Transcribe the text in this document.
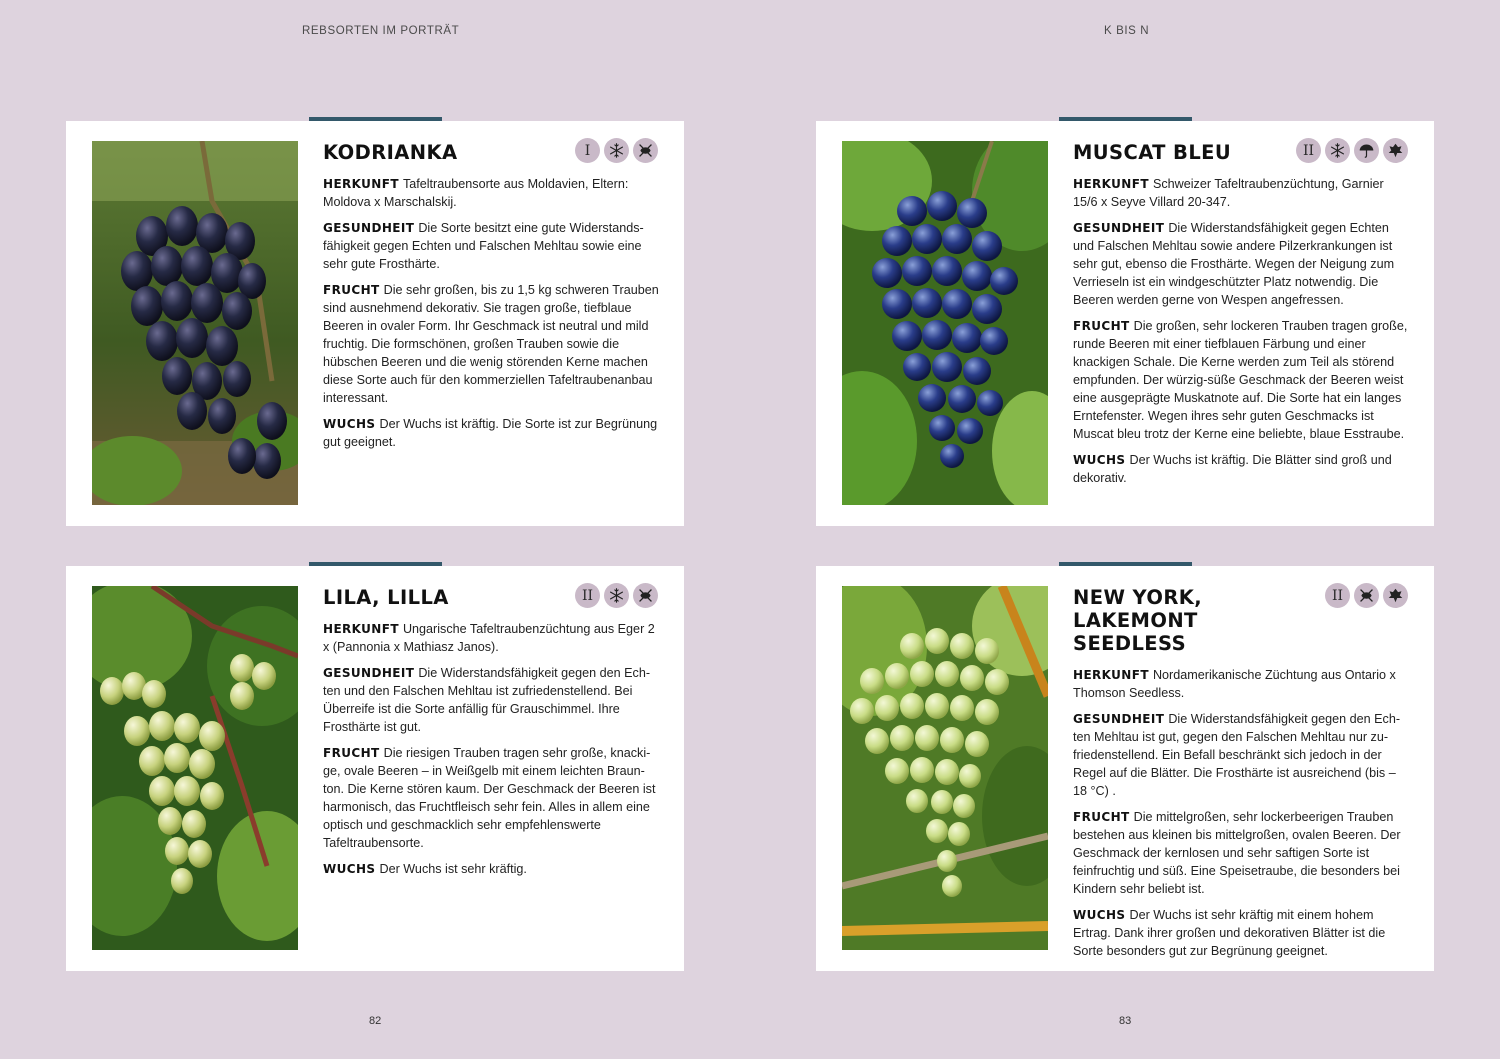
REBSORTEN IM PORTRÄT	K BIS N
I
KODRIANKA

HERKUNFT Tafeltraubensorte aus Moldavien, Eltern: Moldova x Marschalskij.

GESUNDHEIT Die Sorte besitzt eine gute Widerstandsfähigkeit gegen Echten und Falschen Mehltau sowie eine sehr gute Frosthärte.

FRUCHT Die sehr großen, bis zu 1,5 kg schweren Trauben sind ausnehmend dekorativ. Sie tragen große, tiefblaue Beeren in ovaler Form. Ihr Geschmack ist neutral und mild fruchtig. Die formschönen, großen Trauben sowie die hübschen Beeren und die wenig störenden Kerne machen diese Sorte auch für den kommerziellen Tafeltraubenanbau interessant.

WUCHS Der Wuchs ist kräftig. Die Sorte ist zur Begrünung gut geeignet.

II
MUSCAT BLEU

HERKUNFT Schweizer Tafeltraubenzüchtung, Garnier 15/6 x Seyve Villard 20-347.

GESUNDHEIT Die Widerstandsfähigkeit gegen Echten und Falschen Mehltau sowie andere Pilzerkrankungen ist sehr gut, ebenso die Frosthärte. Wegen der Neigung zum Verrieseln ist ein windgeschützter Platz notwendig. Die Beeren werden gerne von Wespen angefressen.

FRUCHT Die großen, sehr lockeren Trauben tragen große, runde Beeren mit einer tiefblauen Färbung und einer knackigen Schale. Die Kerne werden zum Teil als störend empfunden. Der würzig-süße Geschmack der Beeren weist eine ausgeprägte Muskatnote auf. Die Sorte hat ein langes Erntefenster. Wegen ihres sehr guten Geschmacks ist Muscat bleu trotz der Kerne eine beliebte, blaue Esstraube.

WUCHS Der Wuchs ist kräftig. Die Blätter sind groß und dekorativ.

II
LILA, LILLA

HERKUNFT Ungarische Tafeltraubenzüchtung aus Eger 2 x (Pannonia x Mathiasz Janos).

GESUNDHEIT Die Widerstandsfähigkeit gegen den Echten und den Falschen Mehltau ist zufriedenstellend. Bei Überreife ist die Sorte anfällig für Grauschimmel. Ihre Frosthärte ist gut.

FRUCHT Die riesigen Trauben tragen sehr große, knackige, ovale Beeren – in Weißgelb mit einem leichten Braunton. Die Kerne stören kaum. Der Geschmack der Beeren ist harmonisch, das Fruchtfleisch sehr fein. Alles in allem eine optisch und geschmacklich sehr empfehlenswerte Tafeltraubensorte.

WUCHS Der Wuchs ist sehr kräftig.

II
NEW YORK, LAKEMONT SEEDLESS

HERKUNFT Nordamerikanische Züchtung aus Ontario x Thomson Seedless.

GESUNDHEIT Die Widerstandsfähigkeit gegen den Echten Mehltau ist gut, gegen den Falschen Mehltau nur zufriedenstellend. Ein Befall beschränkt sich jedoch in der Regel auf die Blätter. Die Frosthärte ist ausreichend (bis –18 °C) .

FRUCHT Die mittelgroßen, sehr lockerbeerigen Trauben bestehen aus kleinen bis mittelgroßen, ovalen Beeren. Der Geschmack der kernlosen und sehr saftigen Sorte ist feinfruchtig und süß. Eine Speisetraube, die besonders bei Kindern sehr beliebt ist.

WUCHS Der Wuchs ist sehr kräftig mit einem hohem Ertrag. Dank ihrer großen und dekorativen Blätter ist die Sorte besonders gut zur Begrünung geeignet.

82	83
